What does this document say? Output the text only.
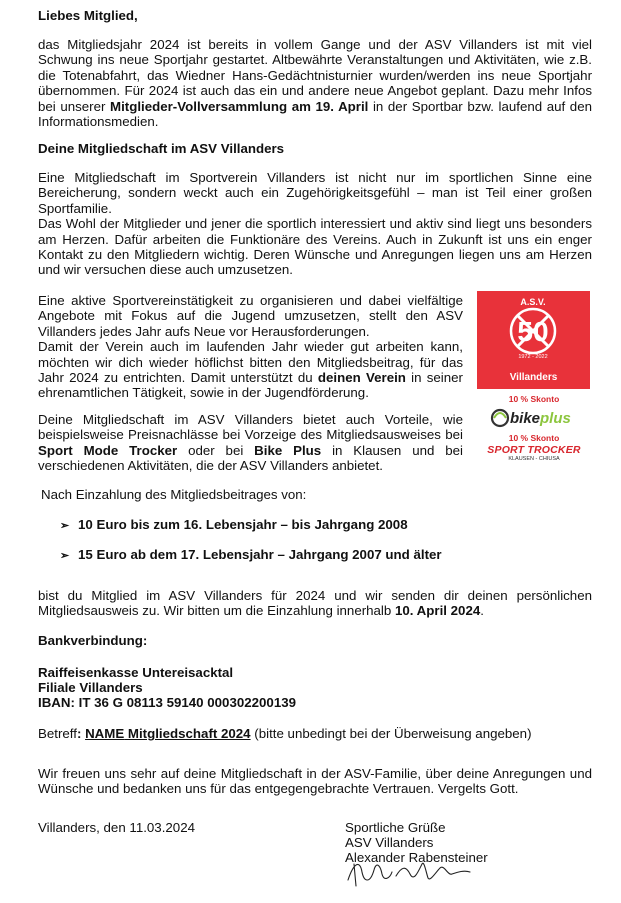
Liebes Mitglied,

das Mitgliedsjahr 2024 ist bereits in vollem Gange und der ASV Villanders ist mit viel Schwung ins neue Sportjahr gestartet. Altbewährte Veranstaltungen und Aktivitäten, wie z.B. die Totenabfahrt, das Wiedner Hans-Gedächtnisturnier wurden/werden ins neue Sportjahr übernommen. Für 2024 ist auch das ein und andere neue Angebot geplant. Dazu mehr Infos bei unserer Mitglieder-Vollversammlung am 19. April in der Sportbar bzw. laufend auf den Informationsmedien.

Deine Mitgliedschaft im ASV Villanders

Eine Mitgliedschaft im Sportverein Villanders ist nicht nur im sportlichen Sinne eine Bereicherung, sondern weckt auch ein Zugehörigkeitsgefühl – man ist Teil einer großen Sportfamilie.
Das Wohl der Mitglieder und jener die sportlich interessiert und aktiv sind liegt uns besonders am Herzen. Dafür arbeiten die Funktionäre des Vereins. Auch in Zukunft ist uns ein enger Kontakt zu den Mitgliedern wichtig. Deren Wünsche und Anregungen liegen uns am Herzen und wir versuchen diese auch umzusetzen.

Eine aktive Sportvereinstätigkeit zu organisieren und dabei vielfältige Angebote mit Fokus auf die Jugend umzusetzen, stellt den ASV Villanders jedes Jahr aufs Neue vor Herausforderungen.
Damit der Verein auch im laufenden Jahr wieder gut arbeiten kann, möchten wir dich wieder höflichst bitten den Mitgliedsbeitrag, für das Jahr 2024 zu entrichten. Damit unterstützt du deinen Verein in seiner ehrenamtlichen Tätigkeit, sowie in der Jugendförderung.

Deine Mitgliedschaft im ASV Villanders bietet auch Vorteile, wie beispielsweise Preisnachlässe bei Vorzeige des Mitgliedsausweises bei Sport Mode Trocker oder bei Bike Plus in Klausen und bei verschiedenen Aktivitäten, die der ASV Villanders anbietet.

A.S.V.
50
1972 - 2022
Villanders
10 % Skonto
bikeplus
10 % Skonto
SPORT TROCKER
KLAUSEN - CHIUSA
Nach Einzahlung des Mitgliedsbeitrages von:
➢ 10 Euro bis zum 16. Lebensjahr – bis Jahrgang 2008
➢ 15 Euro ab dem 17. Lebensjahr – Jahrgang 2007 und älter

bist du Mitglied im ASV Villanders für 2024 und wir senden dir deinen persönlichen Mitgliedsausweis zu. Wir bitten um die Einzahlung innerhalb 10. April 2024.

Bankverbindung:
Raiffeisenkasse Untereisacktal
Filiale Villanders
IBAN: IT 36 G 08113 59140 000302200139
Betreff: NAME Mitgliedschaft 2024 (bitte unbedingt bei der Überweisung angeben)

Wir freuen uns sehr auf deine Mitgliedschaft in der ASV-Familie, über deine Anregungen und Wünsche und bedanken uns für das entgegengebrachte Vertrauen. Vergelts Gott.

Villanders, den 11.03.2024	Sportliche Grüße
ASV Villanders
Alexander Rabensteiner
